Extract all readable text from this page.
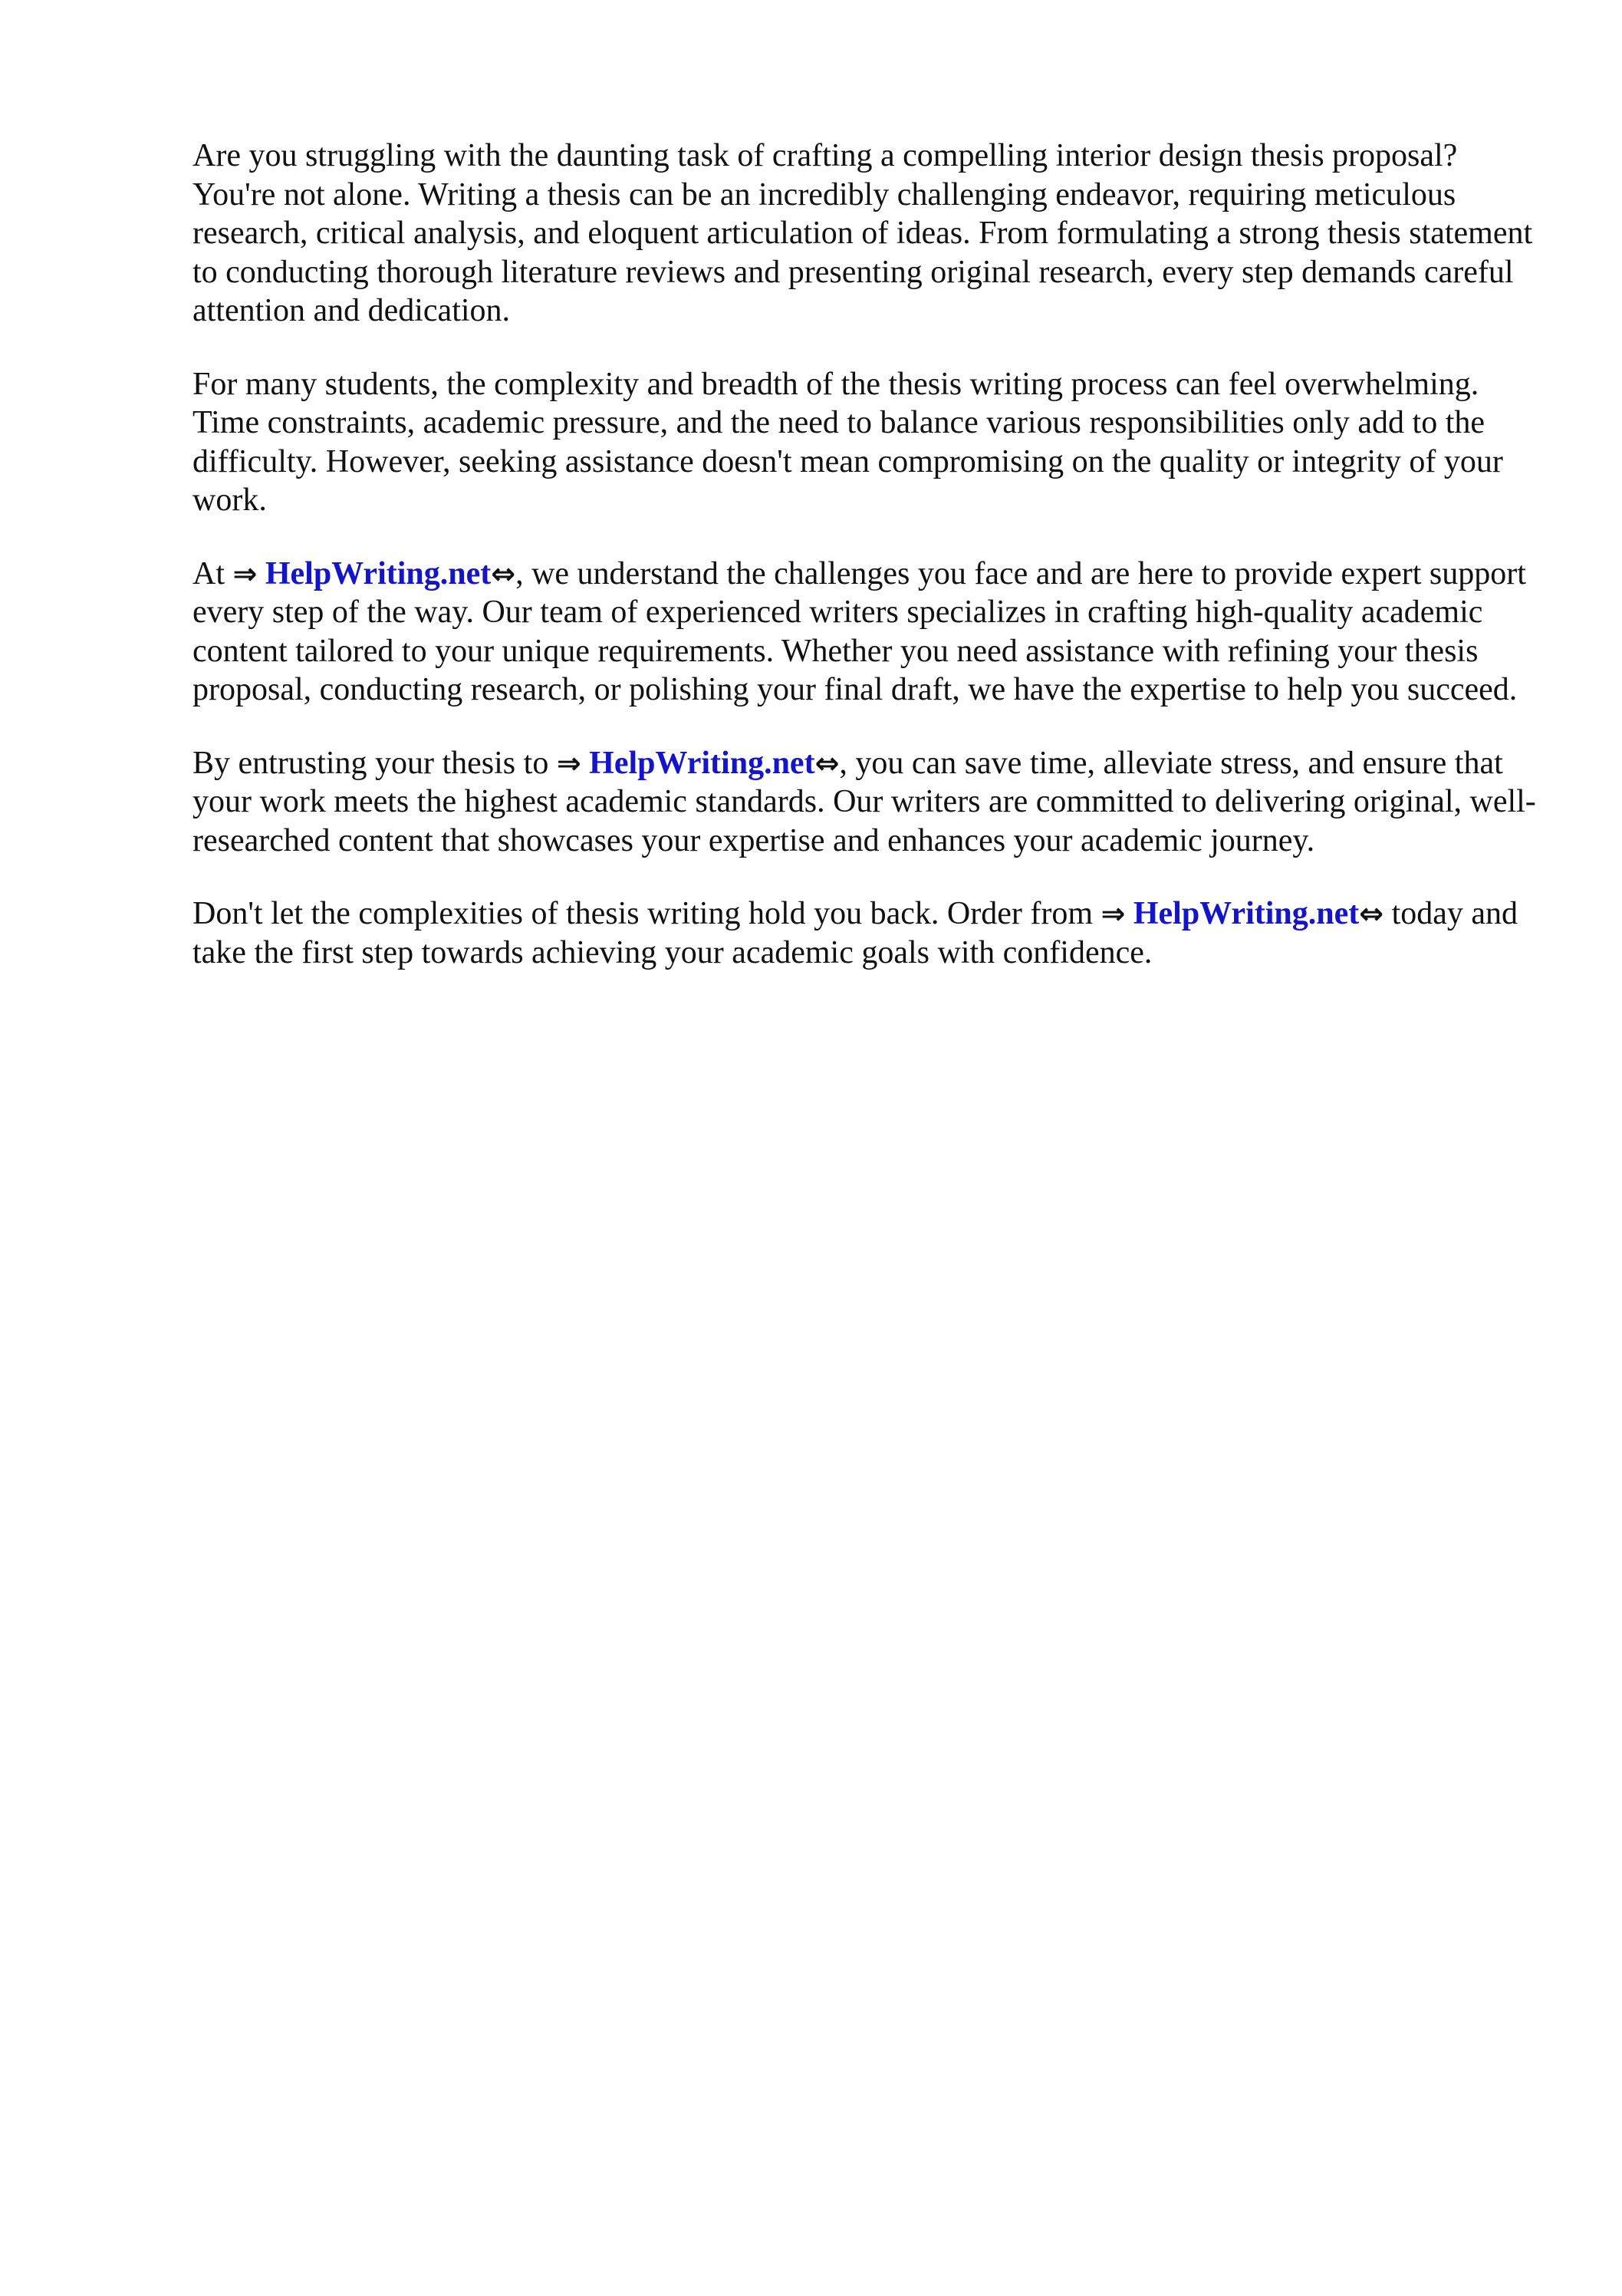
Are you struggling with the daunting task of crafting a compelling interior design thesis proposal? You're not alone. Writing a thesis can be an incredibly challenging endeavor, requiring meticulous research, critical analysis, and eloquent articulation of ideas. From formulating a strong thesis statement to conducting thorough literature reviews and presenting original research, every step demands careful attention and dedication.

For many students, the complexity and breadth of the thesis writing process can feel overwhelming. Time constraints, academic pressure, and the need to balance various responsibilities only add to the difficulty. However, seeking assistance doesn't mean compromising on the quality or integrity of your work.

At ⇒ HelpWriting.net⇔, we understand the challenges you face and are here to provide expert support every step of the way. Our team of experienced writers specializes in crafting high-quality academic content tailored to your unique requirements. Whether you need assistance with refining your thesis proposal, conducting research, or polishing your final draft, we have the expertise to help you succeed.

By entrusting your thesis to ⇒ HelpWriting.net⇔, you can save time, alleviate stress, and ensure that your work meets the highest academic standards. Our writers are committed to delivering original, well-researched content that showcases your expertise and enhances your academic journey.

Don't let the complexities of thesis writing hold you back. Order from ⇒ HelpWriting.net⇔ today and take the first step towards achieving your academic goals with confidence.
